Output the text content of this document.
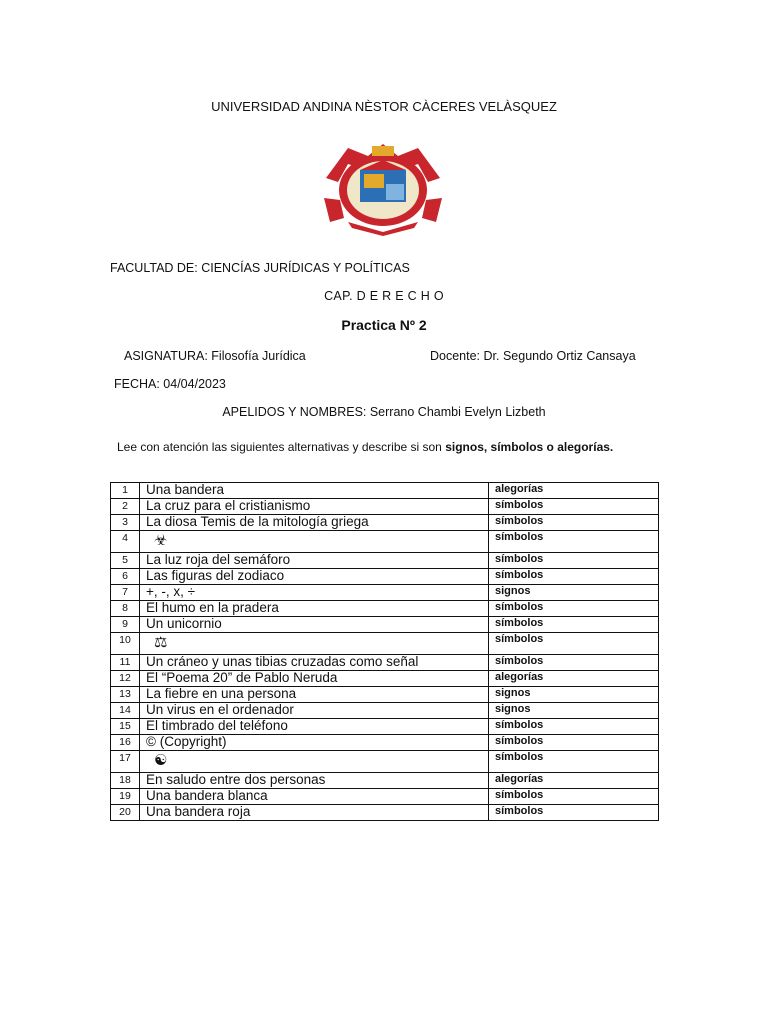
UNIVERSIDAD ANDINA NÈSTOR CÀCERES VELÀSQUEZ
FACULTAD DE: CIENCÍAS JURÍDICAS Y POLÍTICAS
CAP. D E R E C H O
Practica Nº 2
ASIGNATURA: Filosofía Jurídica	Docente: Dr. Segundo Ortiz Cansaya
FECHA: 04/04/2023
APELIDOS Y NOMBRES: Serrano Chambi Evelyn Lizbeth
Lee con atención las siguientes alternativas y describe si son signos, símbolos o alegorías.
1	Una bandera	alegorías
2	La cruz para el cristianismo	símbolos
3	La diosa Temis de la mitología griega	símbolos
4	☣	símbolos
5	La luz roja del semáforo	símbolos
6	Las figuras del zodiaco	símbolos
7	+, -, x, ÷	signos
8	El humo en la pradera	símbolos
9	Un unicornio	símbolos
10	⚖	símbolos
11	Un cráneo y unas tibias cruzadas como señal	símbolos
12	El “Poema 20” de Pablo Neruda	alegorías
13	La fiebre en una persona	signos
14	Un virus en el ordenador	signos
15	El timbrado del teléfono	símbolos
16	© (Copyright)	símbolos
17	☯	símbolos
18	En saludo entre dos personas	alegorías
19	Una bandera blanca	símbolos
20	Una bandera roja	símbolos
